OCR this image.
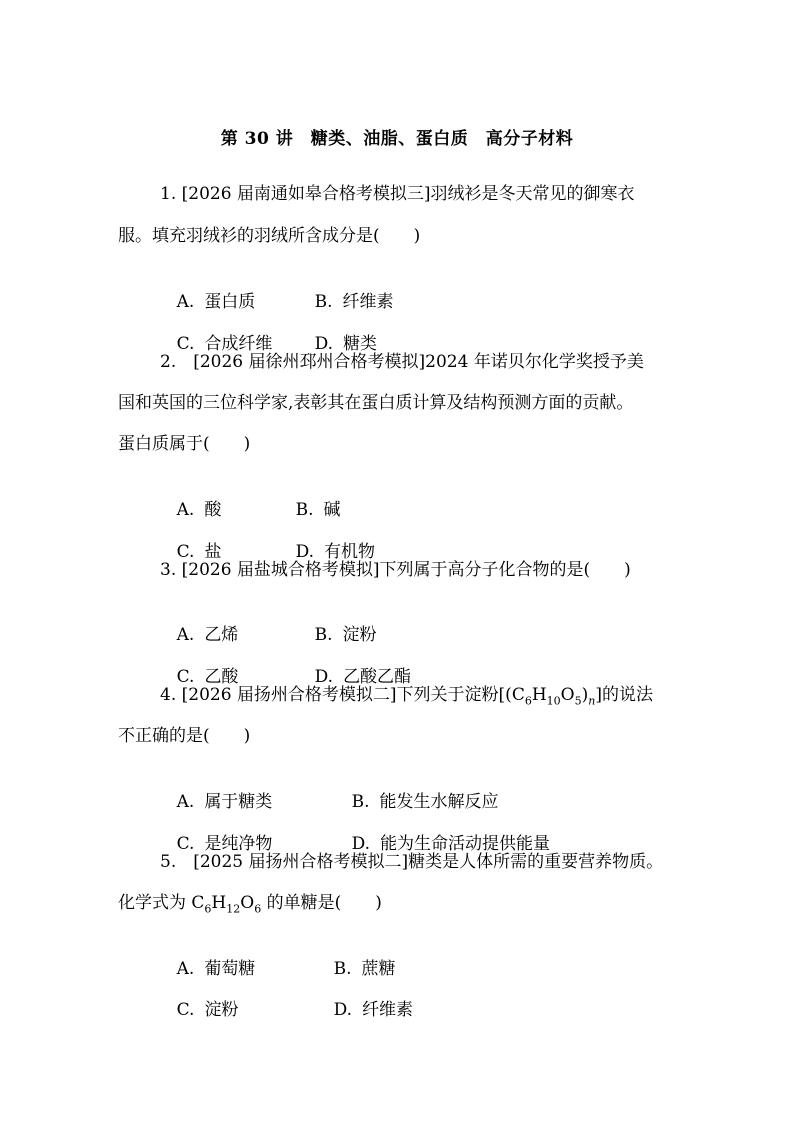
第 30 讲　糖类、油脂、蛋白质　高分子材料
1. [2026 届南通如皋合格考模拟三]羽绒衫是冬天常见的御寒衣
服。填充羽绒衫的羽绒所含成分是(　　)

A. 蛋白质
	B. 纤维素

C. 合成纤维
	D. 糖类

2.　[2026 届徐州邳州合格考模拟]2024 年诺贝尔化学奖授予美
国和英国的三位科学家,表彰其在蛋白质计算及结构预测方面的贡献。
蛋白质属于(　　)

A. 酸
	B. 碱

C. 盐
	D. 有机物

3. [2026 届盐城合格考模拟]下列属于高分子化合物的是(　　)

A. 乙烯
	B. 淀粉

C. 乙酸
	D. 乙酸乙酯

4. [2026 届扬州合格考模拟二]下列关于淀粉$[(C_6H_{10}O_5)_n]$的说法
不正确的是(　　)

A. 属于糖类
	B. 能发生水解反应

C. 是纯净物
	D. 能为生命活动提供能量

5.　[2025 届扬州合格考模拟二]糖类是人体所需的重要营养物质。
化学式为 $C_6H_{12}O_6$ 的单糖是(　　)

A. 葡萄糖
	B. 蔗糖

C. 淀粉
	D. 纤维素
